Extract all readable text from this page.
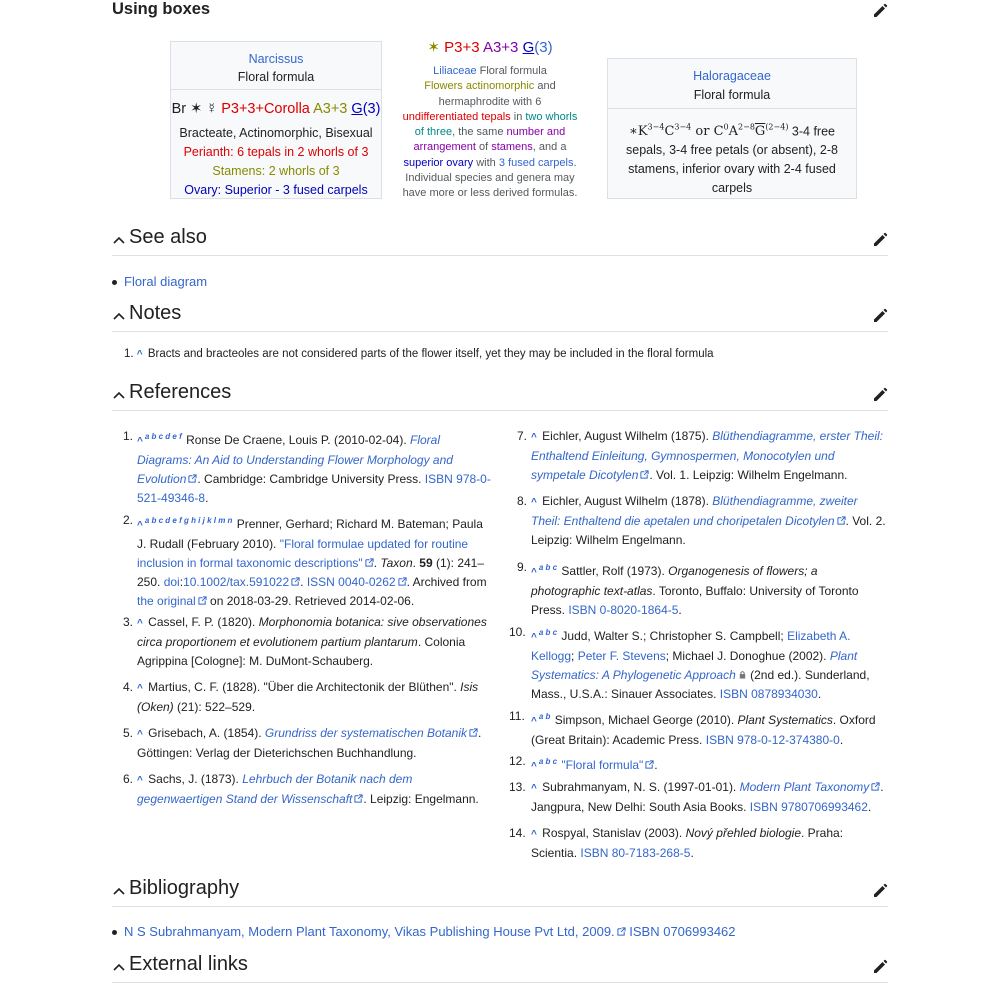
Using boxes
Narcissus
Floral formula
Br ✶ ☿ P3+3+Corolla A3+3 G(3)
Bracteate, Actinomorphic, Bisexual
Perianth: 6 tepals in 2 whorls of 3
Stamens: 2 whorls of 3
Ovary: Superior - 3 fused carpels
✶ P3+3 A3+3 G(3)
Liliaceae Floral formula
Flowers actinomorphic and hermaphrodite with 6 undifferentiated tepals in two whorls of three, the same number and arrangement of stamens, and a superior ovary with 3 fused carpels. Individual species and genera may have more or less derived formulas.
Haloragaceae
Floral formula
$∗K^{3-4}C^{3-4}$ or $C^0A^{2-8}\overline{G}^{(2-4)}$ 3-4 free sepals, 3-4 free petals (or absent), 2-8 stamens, inferior ovary with 2-4 fused carpels
See also
Floral diagram
Notes
1. ^ Bracts and bracteoles are not considered parts of the flower itself, yet they may be included in the floral formula
References
1. ^ $^{a b c d e f}$ Ronse De Craene, Louis P. (2010-02-04). Floral Diagrams: An Aid to Understanding Flower Morphology and Evolution . Cambridge: Cambridge University Press. ISBN 978-0-521-49346-8.
2. ^ $^{a b c d e f g h i j k l m n}$ Prenner, Gerhard; Richard M. Bateman; Paula J. Rudall (February 2010). "Floral formulae updated for routine inclusion in formal taxonomic descriptions" . Taxon. 59 (1): 241–250. doi:10.1002/tax.591022 . ISSN 0040-0262 . Archived from the original on 2018-03-29. Retrieved 2014-02-06.
3. ^ Cassel, F. P. (1820). Morphonomia botanica: sive observationes circa proportionem et evolutionem partium plantarum. Colonia Agrippina [Cologne]: M. DuMont-Schauberg.
4. ^ Martius, C. F. (1828). "Über die Architectonik der Blüthen". Isis (Oken) (21): 522–529.
5. ^ Grisebach, A. (1854). Grundriss der systematischen Botanik . Göttingen: Verlag der Dieterichschen Buchhandlung.
6. ^ Sachs, J. (1873). Lehrbuch der Botanik nach dem gegenwaertigen Stand der Wissenschaft . Leipzig: Engelmann.
7. ^ Eichler, August Wilhelm (1875). Blüthendiagramme, erster Theil: Enthaltend Einleitung, Gymnospermen, Monocotylen und sympetale Dicotylen . Vol. 1. Leipzig: Wilhelm Engelmann.
8. ^ Eichler, August Wilhelm (1878). Blüthendiagramme, zweiter Theil: Enthaltend die apetalen und choripetalen Dicotylen . Vol. 2. Leipzig: Wilhelm Engelmann.
9. ^ $^{a b c}$ Sattler, Rolf (1973). Organogenesis of flowers; a photographic text-atlas. Toronto, Buffalo: University of Toronto Press. ISBN 0-8020-1864-5.
10. ^ $^{a b c}$ Judd, Walter S.; Christopher S. Campbell; Elizabeth A. Kellogg; Peter F. Stevens; Michael J. Donoghue (2002). Plant Systematics: A Phylogenetic Approach (2nd ed.). Sunderland, Mass., U.S.A.: Sinauer Associates. ISBN 0878934030.
11. ^ $^{a b}$ Simpson, Michael George (2010). Plant Systematics. Oxford (Great Britain): Academic Press. ISBN 978-0-12-374380-0.
12. ^ $^{a b c}$ "Floral formula" .
13. ^ Subrahmanyam, N. S. (1997-01-01). Modern Plant Taxonomy . Jangpura, New Delhi: South Asia Books. ISBN 9780706993462.
14. ^ Rospyal, Stanislav (2003). Nový přehled biologie. Praha: Scientia. ISBN 80-7183-268-5.
Bibliography
N S Subrahmanyam, Modern Plant Taxonomy, Vikas Publishing House Pvt Ltd, 2009. ISBN 0706993462
External links
